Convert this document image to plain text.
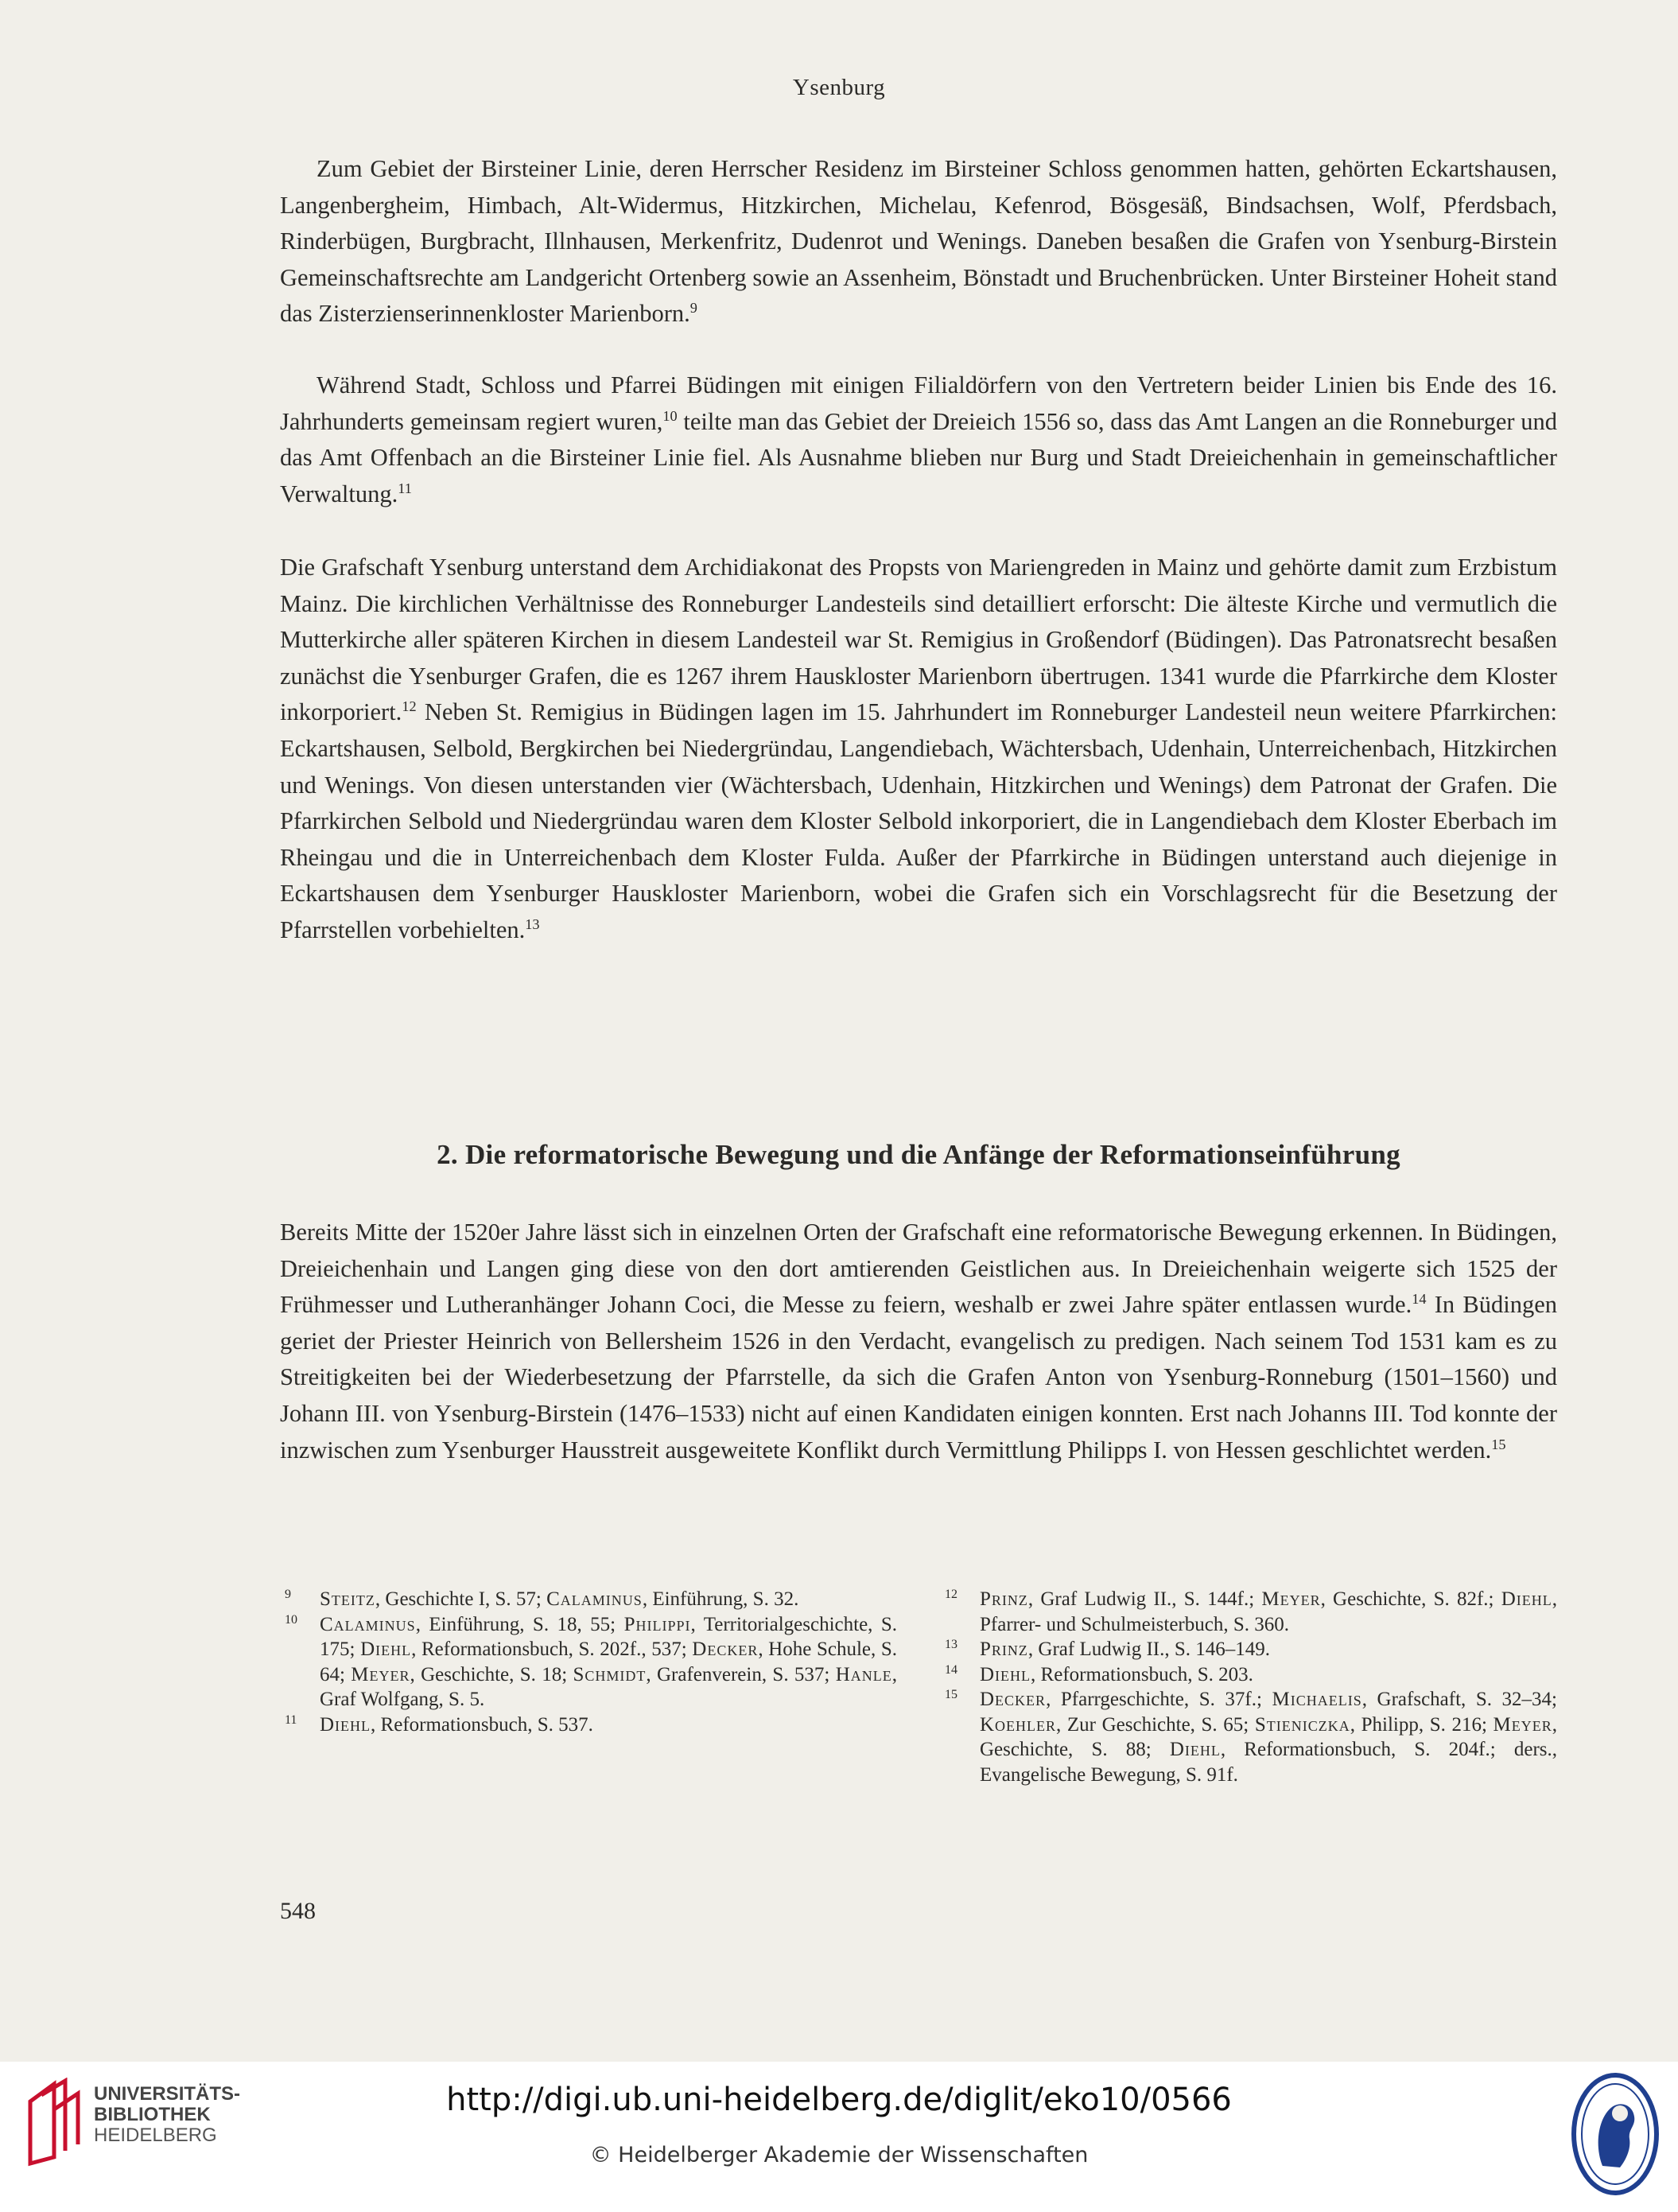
Ysenburg

Zum Gebiet der Birsteiner Linie, deren Herrscher Residenz im Birsteiner Schloss genommen hatten, gehörten Eckartshausen, Langenbergheim, Himbach, Alt-Widermus, Hitzkirchen, Michelau, Kefenrod, Bösgesäß, Bindsachsen, Wolf, Pferdsbach, Rinderbügen, Burgbracht, Illnhausen, Merkenfritz, Dudenrot und Wenings. Daneben besaßen die Grafen von Ysenburg-Birstein Gemeinschaftsrechte am Landgericht Ortenberg sowie an Assenheim, Bönstadt und Bruchenbrücken. Unter Birsteiner Hoheit stand das Zisterzienserinnenkloster Marienborn.$^9$

Während Stadt, Schloss und Pfarrei Büdingen mit einigen Filialdörfern von den Vertretern beider Linien bis Ende des 16. Jahrhunderts gemeinsam regiert wuren,$^{10}$ teilte man das Gebiet der Dreieich 1556 so, dass das Amt Langen an die Ronneburger und das Amt Offenbach an die Birsteiner Linie fiel. Als Ausnahme blieben nur Burg und Stadt Dreieichenhain in gemeinschaftlicher Verwaltung.$^{11}$

Die Grafschaft Ysenburg unterstand dem Archidiakonat des Propsts von Mariengreden in Mainz und gehörte damit zum Erzbistum Mainz. Die kirchlichen Verhältnisse des Ronneburger Landesteils sind detailliert erforscht: Die älteste Kirche und vermutlich die Mutterkirche aller späteren Kirchen in diesem Landesteil war St. Remigius in Großendorf (Büdingen). Das Patronatsrecht besaßen zunächst die Ysenburger Grafen, die es 1267 ihrem Hauskloster Marienborn übertrugen. 1341 wurde die Pfarrkirche dem Kloster inkorporiert.$^{12}$ Neben St. Remigius in Büdingen lagen im 15. Jahrhundert im Ronneburger Landesteil neun weitere Pfarrkirchen: Eckartshausen, Selbold, Bergkirchen bei Niedergründau, Langendiebach, Wächtersbach, Udenhain, Unterreichenbach, Hitzkirchen und Wenings. Von diesen unterstanden vier (Wächtersbach, Udenhain, Hitzkirchen und Wenings) dem Patronat der Grafen. Die Pfarrkirchen Selbold und Niedergründau waren dem Kloster Selbold inkorporiert, die in Langendiebach dem Kloster Eberbach im Rheingau und die in Unterreichenbach dem Kloster Fulda. Außer der Pfarrkirche in Büdingen unterstand auch diejenige in Eckartshausen dem Ysenburger Hauskloster Marienborn, wobei die Grafen sich ein Vorschlagsrecht für die Besetzung der Pfarrstellen vorbehielten.$^{13}$

2. Die reformatorische Bewegung und die Anfänge der Reformationseinführung

Bereits Mitte der 1520er Jahre lässt sich in einzelnen Orten der Grafschaft eine reformatorische Bewegung erkennen. In Büdingen, Dreieichenhain und Langen ging diese von den dort amtierenden Geistlichen aus. In Dreieichenhain weigerte sich 1525 der Frühmesser und Lutheranhänger Johann Coci, die Messe zu feiern, weshalb er zwei Jahre später entlassen wurde.$^{14}$ In Büdingen geriet der Priester Heinrich von Bellersheim 1526 in den Verdacht, evangelisch zu predigen. Nach seinem Tod 1531 kam es zu Streitigkeiten bei der Wiederbesetzung der Pfarrstelle, da sich die Grafen Anton von Ysenburg-Ronneburg (1501–1560) und Johann III. von Ysenburg-Birstein (1476–1533) nicht auf einen Kandidaten einigen konnten. Erst nach Johanns III. Tod konnte der inzwischen zum Ysenburger Hausstreit ausgeweitete Konflikt durch Vermittlung Philipps I. von Hessen geschlichtet werden.$^{15}$

9 Steitz, Geschichte I, S. 57; Calaminus, Einführung, S. 32.

10 Calaminus, Einführung, S. 18, 55; Philippi, Territorialgeschichte, S. 175; Diehl, Reformationsbuch, S. 202f., 537; Decker, Hohe Schule, S. 64; Meyer, Geschichte, S. 18; Schmidt, Grafenverein, S. 537; Hanle, Graf Wolfgang, S. 5.

11 Diehl, Reformationsbuch, S. 537.

12 Prinz, Graf Ludwig II., S. 144f.; Meyer, Geschichte, S. 82f.; Diehl, Pfarrer- und Schulmeisterbuch, S. 360.

13 Prinz, Graf Ludwig II., S. 146–149.

14 Diehl, Reformationsbuch, S. 203.

15 Decker, Pfarrgeschichte, S. 37f.; Michaelis, Grafschaft, S. 32–34; Koehler, Zur Geschichte, S. 65; Stieniczka, Philipp, S. 216; Meyer, Geschichte, S. 88; Diehl, Reformationsbuch, S. 204f.; ders., Evangelische Bewegung, S. 91f.

548
UNIVERSITÄTS-
BIBLIOTHEK
HEIDELBERG
http://digi.ub.uni-heidelberg.de/diglit/eko10/0566
© Heidelberger Akademie der Wissenschaften
